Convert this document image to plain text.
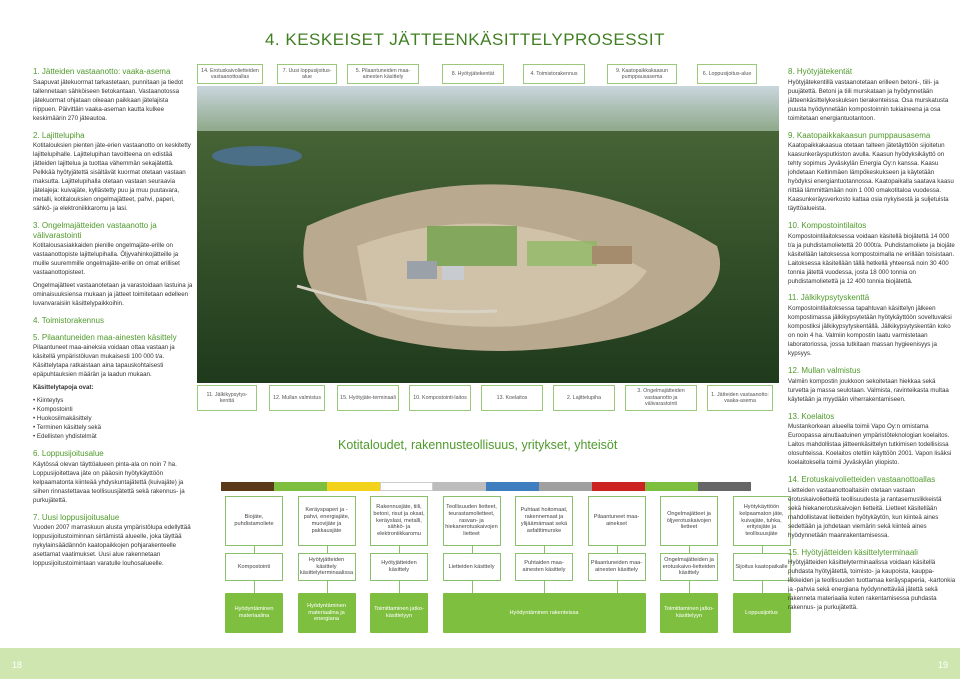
4. KESKEISET JÄTTEENKÄSITTELYPROSESSIT
1. Jätteiden vastaanotto: vaaka-asema

Saapuvat jätekuormat tarkastetaan, punnitaan ja tiedot tallennetaan sähköiseen tietokantaan. Vastaanotossa jätekuormat ohjataan oikeaan paikkaan jätelajista riippuen. Päivittäin vaaka-aseman kautta kulkee keskimäärin 270 jäteautoa.

2. Lajittelupiha

Kotitalouksien pienten jäte-erien vastaanotto on keskitetty lajittelupihalle. Lajittelupihan tavoitteena on edistää jätteiden lajittelua ja tuottaa vähemmän sekajätettä. Pelkkää hyötyjätettä sisältävät kuormat otetaan vastaan maksutta. Lajittelupihalla otetaan vastaan seuraavia jätelajeja: kuivajäte, kyllästetty puu ja muu puutavara, metalli, kotitalouksien ongelmajätteet, pahvi, paperi, sähkö- ja elektroniikkaromu ja lasi.

3. Ongelmajätteiden vastaanotto ja välivarastointi

Kotitalousasiakkaiden pienille ongelmajäte-erille on vastaanottopiste lajittelupihalla. Öljyvahinkojätteille ja muille suuremmille ongelmajäte-erille on omat erilliset vastaanottopisteet.

Ongelmajätteet vastaanotetaan ja varastoidaan lastuina ja ominaisuuksiensa mukaan ja jätteet toimitetaan edelleen luvanvaraisiin käsittelypaikkoihin.

4. Toimistorakennus
5. Pilaantuneiden maa-ainesten käsittely

Pilaantuneet maa-aineksia voidaan ottaa vastaan ja käsitellä ympäristöluvan mukaisesti 100 000 t/a. Käsittelytapa ratkaistaan aina tapauskohtaisesti epäpuhtauksien määrän ja laadun mukaan.

Käsittelytapoja ovat:

• Kiinteytys
• Kompostointi
• Huokosilmakäsittely
• Terminen käsittely sekä
• Edellisten yhdistelmät
6. Loppusijoitusalue

Käytössä olevan täyttöalueen pinta-ala on noin 7 ha. Loppusijoitettava jäte on pääosin hyötykäyttöön kelpaamatonta kiinteää yhdyskuntajätettä (kuivajäte) ja siihen rinnastettavaa teollisuusjätettä sekä rakennus- ja purkujätettä.

7. Uusi loppusijoitusalue

Vuoden 2007 marraskuun alusta ympäristölupa edellyttää loppusijoitustoiminnan siirtämistä alueelle, joka täyttää nykylainsäädännön kaatopaikkojen pohjarakenteelle asettamat vaatimukset. Uusi alue rakennetaan loppusijoitustoimintaan varatulle louhosalueelle.

14. Erotuskaivolietteiden vastaanottoallas
7. Uusi loppusijoitus-alue
5. Pilaantuneiden maa-ainesten käsittely
8. Hyötyjätekentät	4. Toimistorakennus
9. Kaatopaikkakaasun pumppausasema
6. Loppusijoitus-alue
11. Jälkikypsytys-kenttä
12. Mullan valmistus	15. Hyötyjäte-terminaali	10. Kompostointi-laitos	13. Koelaitos	2. Lajittelupiha
3. Ongelmajätteiden vastaanotto ja välivarastointi
1. Jätteiden vastaanotto: vaaka-asema
Kotitaloudet, rakennusteollisuus, yritykset, yhteisöt
Biojäte, puhdistamoliete
Keräyspaperi ja -pahvi, energiajäte, muovijäte ja pakkausjäte
Rakennusjäte, tiili, betoni, risut ja oksat, keräyslasi, metalli, sähkö- ja elektroniikkaromu
Teollisuuden lietteet, teurastamolietteet, rasvan- ja hiekanerotuskaivojen lietteet
Puhtaat hoitomaat, rakennemaat ja ylijäämämaat sekä asfalttimurske
Pilaantuneet maa-ainekset
Ongelmajätteet ja öljyerotuskaivojen lietteet
Hyötykäyttöön kelpaamaton jäte, kuivajäte, tuhka, erityisjäte ja teollisuusjäte
Kompostointi
Hyötyjätteiden käsittely käsittelyterminaalissa
Hyötyjätteiden käsittely
Lietteiden käsittely
Puhtaiden maa-ainesten käsittely
Pilaantuneiden maa-ainesten käsittely
Ongelmajätteiden ja erotuskaivo-lietteiden käsittely
Sijoitus kaatopaikalle
Hyödyntäminen materiaalina
Hyödyntäminen materiaalina ja energiana
Toimittaminen jatko-käsittelyyn
Hyödyntäminen rakenteissa
Toimittaminen jatko-käsittelyyn
Loppusijoitus
8. Hyötyjätekentät

Hyötyjätekentillä vastaanotetaan erilleen betoni-, tiili- ja puujätettä. Betoni ja tiili murskataan ja hyödynnetään jätteenkäsittelykeskuksen tierakenteissa. Osa murskatusta puusta hyödynnetään kompostoinnin tukiaineena ja osa toimitetaan energiantuotantoon.

9. Kaatopaikkakaasun pumppausasema

Kaatopaikkakaasua otetaan talteen jätetäyttöön sijoitetun kaasunkeräysputkiston avulla. Kaasun hyödyksikäyttö on tehty sopimus Jyväskylän Energia Oy:n kanssa. Kaasu johdetaan Keltinmäen lämpökeskukseen ja käytetään hyödyksi energiantuotannossa. Kaatopaikalla saatava kaasu riittää lämmittämään noin 1 000 omakotitaloa vuodessa. Kaasunkeräysverkosto kattaa osia nykyisestä ja suljetuista täyttöalueista.

10. Kompostointilaitos

Kompostointilaitoksessa voidaan käsitellä biojätettä 14 000 t/a ja puhdistamolietettä 20 000t/a. Puhdistamoliete ja biojäte käsitellään laitoksessa kompostoimalla ne erillään toisistaan. Laitoksessa käsitellään tällä hetkellä yhteensä noin 30 400 tonnia jätettä vuodessa, josta 18 000 tonnia on puhdistamolietettä ja 12 400 tonnia biojätettä.

11. Jälkikypsytyskenttä

Kompostointilaitoksessa tapahtuvan käsittelyn jälkeen kompostimassa jälkikypsytetään hyötykäyttöön soveltuvaksi kompostiksi jälkikypsytyskentällä. Jälkikypsytyskentän koko on noin 4 ha. Valmiin kompostin laatu varmistetaan laboratoriossa, jossa tutkitaan massan hygieenisyys ja kypsyys.

12. Mullan valmistus

Valmiin kompostin joukkoon sekoitetaan hiekkaa sekä turvetta ja massa seulotaan. Valmista, ravinteikasta multaa käytetään ja myydään viherrakentamiseen.

13. Koelaitos

Mustankorkean alueella toimii Vapo Oy:n omistama Euroopassa ainutlaatuinen ympäristöteknologian koelaitos. Laitos mahdollistaa jätteenkäsittelyn tutkimisen todellisissa olosuhteissa. Koelaitos otettiin käyttöön 2001. Vapon lisäksi koelaitoksella toimii Jyväskylän yliopisto.

14. Erotuskaivolietteiden vastaanottoallas

Lietteiden vastaanottoaltaisiin otetaan vastaan erotuskaivolietteitä teollisuudesta ja rantasemuslikkeistä sekä hiekanerotuskaivojen lietteitä. Lietteet käsitellään mahdollistavat lietteiden hyötykäytön, kun kiinteä aines sedettään ja johdetaan viemärin sekä kiinteä aines hyödynnetään maanrakentamisessa.

15. Hyötyjätteiden käsittelyterminaali

Hyötyjätteiden käsittelyterminaalissa voidaan käsitellä puhdasta hyötyjätettä, toimisto- ja kaupoista, kauppa- liikkeiden ja teollisuuden tuottamaa keräyspaperia, -kartonkia ja -pahvia sekä energiana hyödynnettävää jätettä sekä rakenneta materiaalia kuten rakentamisessa puhdasta rakennus- ja purkujätettä.

18	19
